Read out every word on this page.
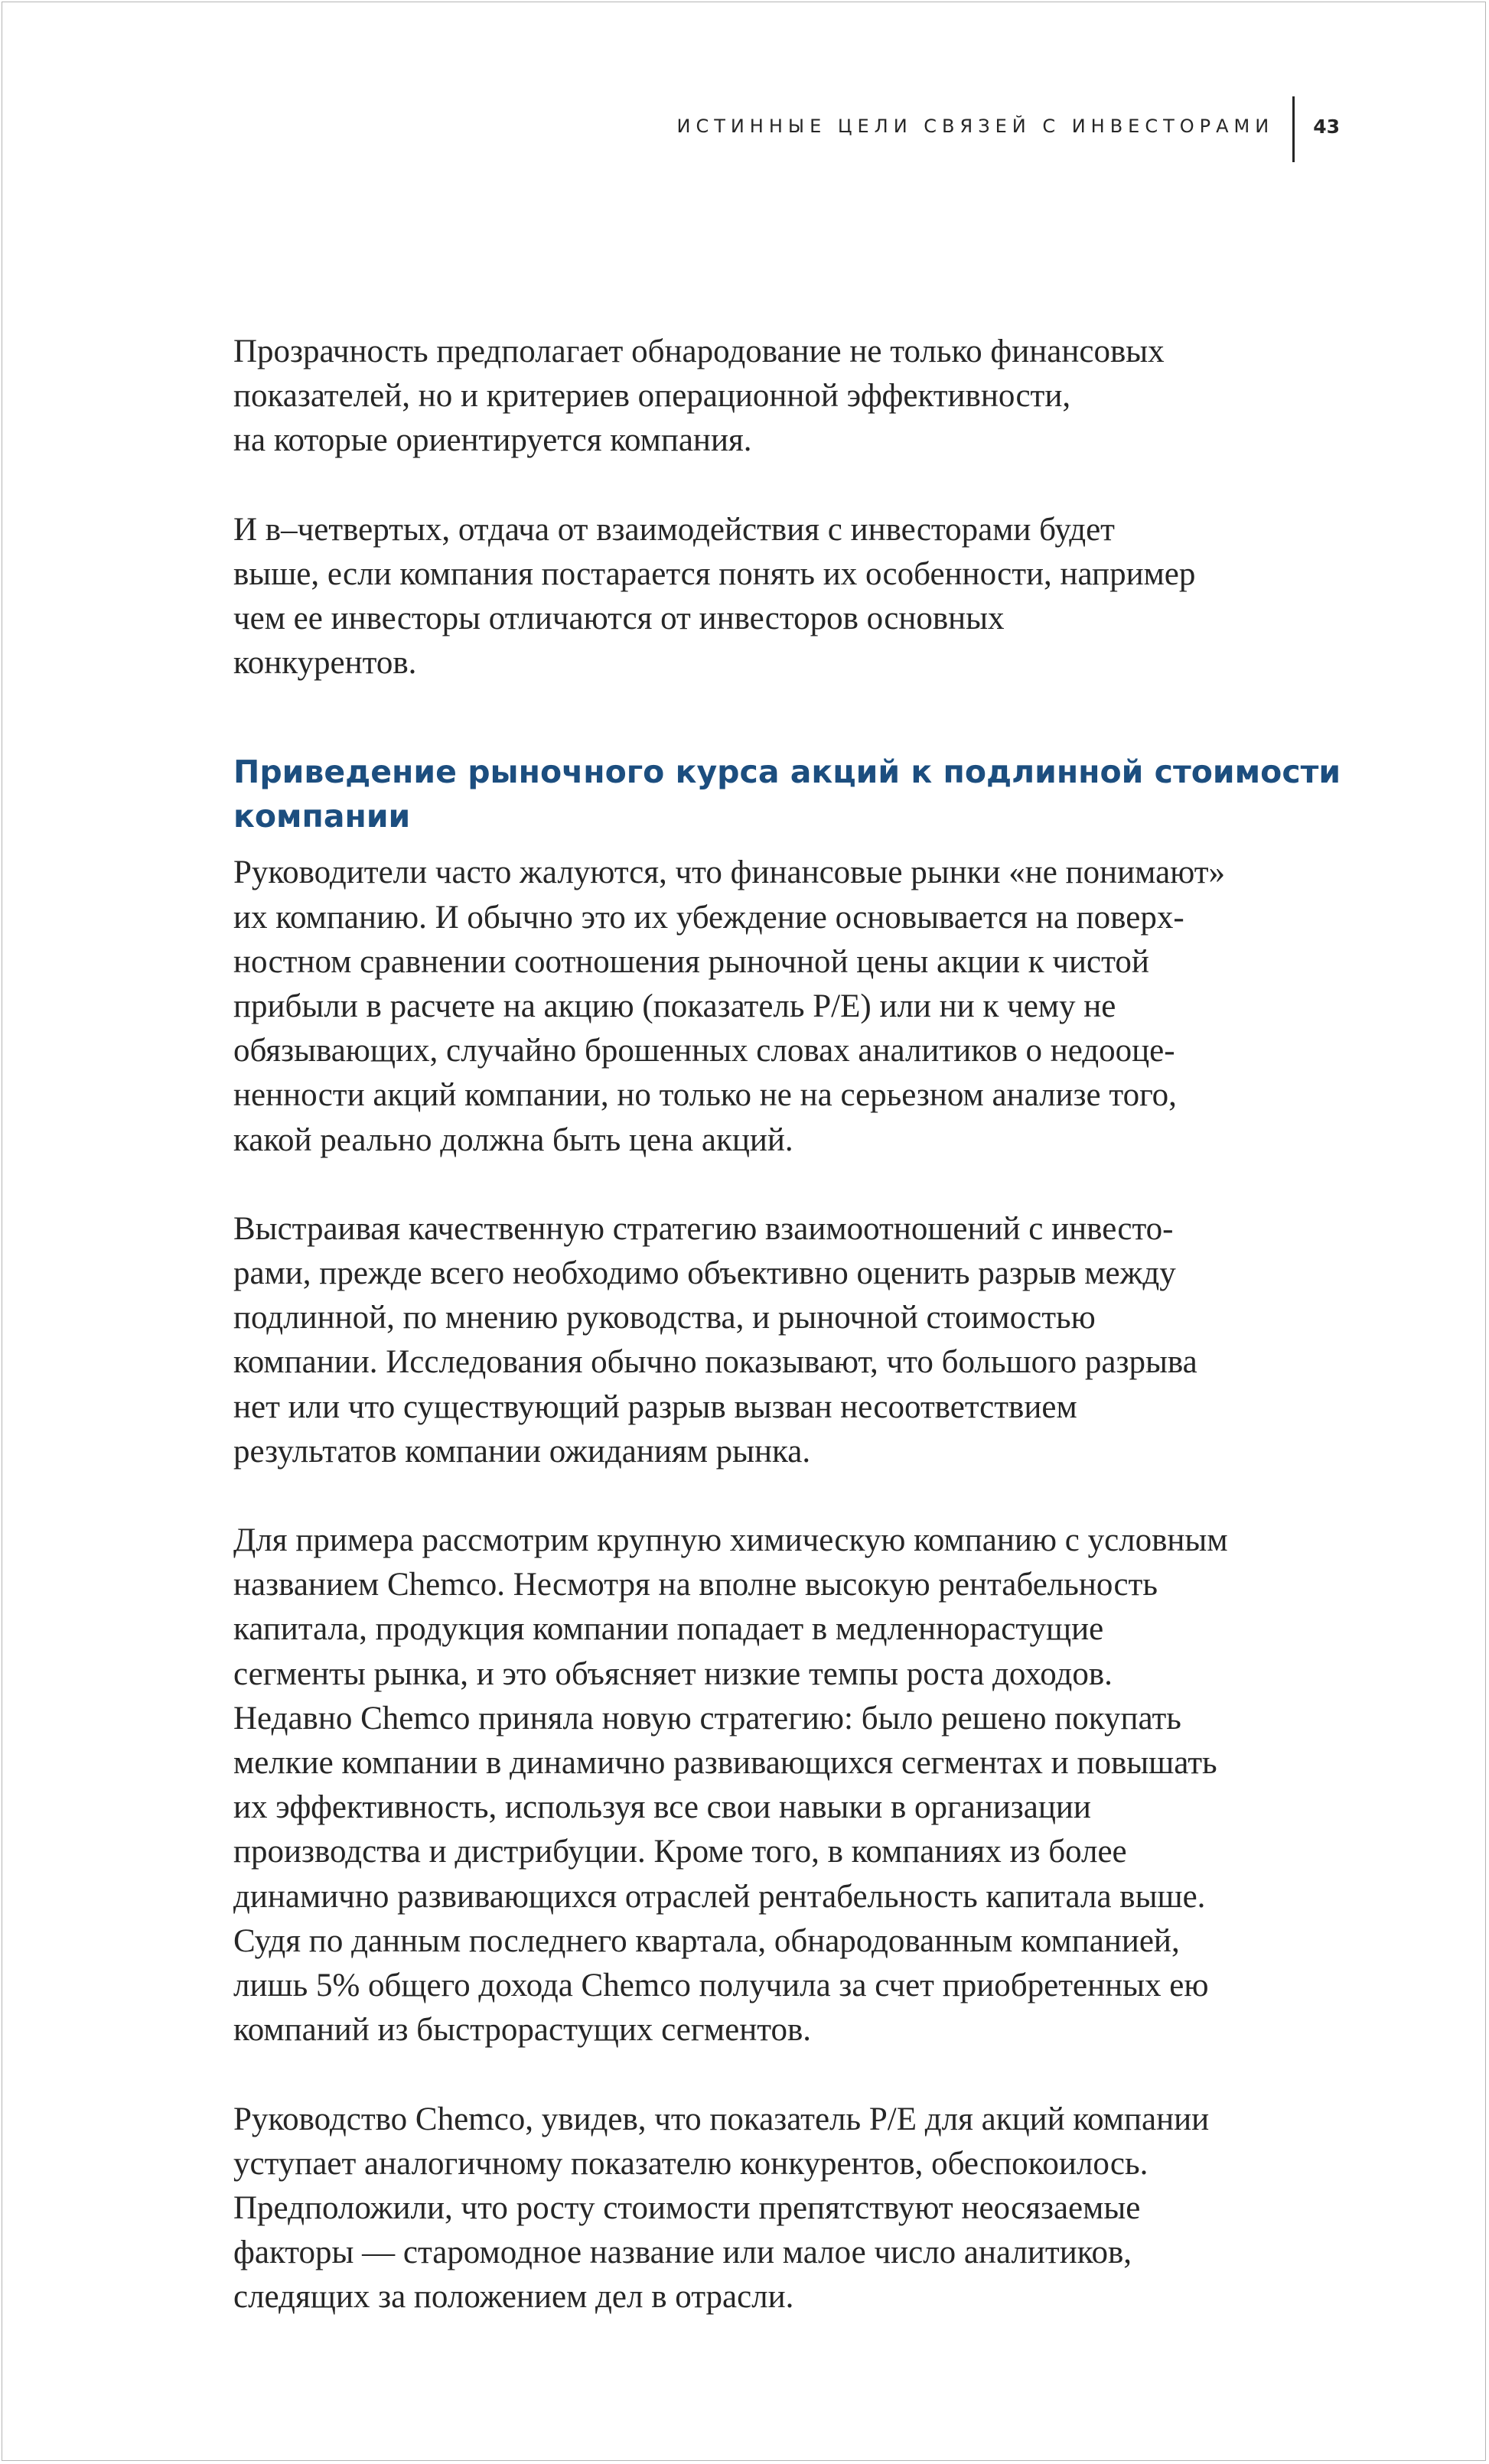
ИСТИННЫЕ ЦЕЛИ СВЯЗЕЙ С ИНВЕСТОРАМИ 43

Прозрачность предполагает обнародование не только финансовых
показателей, но и критериев операционной эффективности,
на которые ориентируется компания.

И в–четвертых, отдача от взаимодействия с инвесторами будет
выше, если компания постарается понять их особенности, например
чем ее инвесторы отличаются от инвесторов основных
конкурентов.

Приведение рыночного курса акций к подлинной стоимости
компании

Руководители часто жалуются, что финансовые рынки «не понимают»
их компанию. И обычно это их убеждение основывается на поверх-
ностном сравнении соотношения рыночной цены акции к чистой
прибыли в расчете на акцию (показатель P/E) или ни к чему не
обязывающих, случайно брошенных словах аналитиков о недооце-
ненности акций компании, но только не на серьезном анализе того,
какой реально должна быть цена акций.

Выстраивая качественную стратегию взаимоотношений с инвесто-
рами, прежде всего необходимо объективно оценить разрыв между
подлинной, по мнению руководства, и рыночной стоимостью
компании. Исследования обычно показывают, что большого разрыва
нет или что существующий разрыв вызван несоответствием
результатов компании ожиданиям рынка.

Для примера рассмотрим крупную химическую компанию с условным
названием Chemco. Несмотря на вполне высокую рентабельность
капитала, продукция компании попадает в медленнорастущие
сегменты рынка, и это объясняет низкие темпы роста доходов.
Недавно Chemco приняла новую стратегию: было решено покупать
мелкие компании в динамично развивающихся сегментах и повышать
их эффективность, используя все свои навыки в организации
производства и дистрибуции. Кроме того, в компаниях из более
динамично развивающихся отраслей рентабельность капитала выше.
Судя по данным последнего квартала, обнародованным компанией,
лишь 5% общего дохода Chemco получила за счет приобретенных ею
компаний из быстрорастущих сегментов.

Руководство Chemco, увидев, что показатель P/E для акций компании
уступает аналогичному показателю конкурентов, обеспокоилось.
Предположили, что росту стоимости препятствуют неосязаемые
факторы — старомодное название или малое число аналитиков,
следящих за положением дел в отрасли.
